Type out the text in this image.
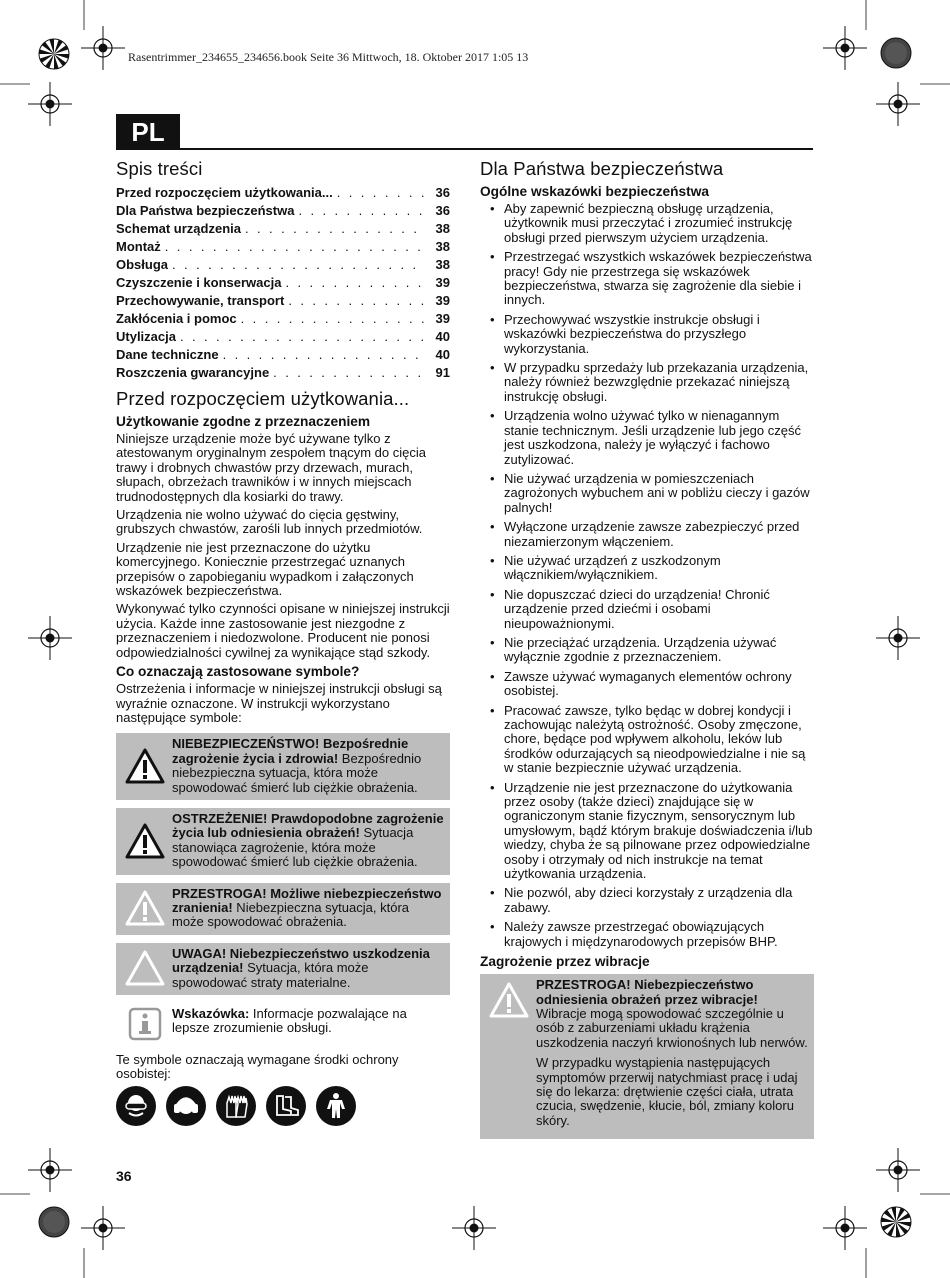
Rasentrimmer_234655_234656.book Seite 36 Mittwoch, 18. Oktober 2017 1:05 13
PL
Spis treści
Przed rozpoczęciem użytkowania... . . .	36
Dla Państwa bezpieczeństwa . . .	36
Schemat urządzenia . . .	38
Montaż . . .	38
Obsługa . . .	38
Czyszczenie i konserwacja . . .	39
Przechowywanie, transport . . .	39
Zakłócenia i pomoc . . .	39
Utylizacja . . .	40
Dane techniczne . . .	40
Roszczenia gwarancyjne . . .	91
Przed rozpoczęciem użytkowania...
Użytkowanie zgodne z przeznaczeniem

Niniejsze urządzenie może być używane tylko z atestowanym oryginalnym zespołem tnącym do cięcia trawy i drobnych chwastów przy drzewach, murach, słupach, obrzeżach trawników i w innych miejscach trudnodostępnych dla kosiarki do trawy.

Urządzenia nie wolno używać do cięcia gęstwiny, grubszych chwastów, zarośli lub innych przedmiotów.

Urządzenie nie jest przeznaczone do użytku komercyjnego. Koniecznie przestrzegać uznanych przepisów o zapobieganiu wypadkom i załączonych wskazówek bezpieczeństwa.

Wykonywać tylko czynności opisane w niniejszej instrukcji użycia. Każde inne zastosowanie jest niezgodne z przeznaczeniem i niedozwolone. Producent nie ponosi odpowiedzialności cywilnej za wynikające stąd szkody.

Co oznaczają zastosowane symbole?

Ostrzeżenia i informacje w niniejszej instrukcji obsługi są wyraźnie oznaczone. W instrukcji wykorzystano następujące symbole:

NIEBEZPIECZEŃSTWO! Bezpośrednie zagrożenie życia i zdrowia! Bezpośrednio niebezpieczna sytuacja, która może spowodować śmierć lub ciężkie obrażenia.
OSTRZEŻENIE! Prawdopodobne zagrożenie życia lub odniesienia obrażeń! Sytuacja stanowiąca zagrożenie, która może spowodować śmierć lub ciężkie obrażenia.
PRZESTROGA! Możliwe niebezpieczeństwo zranienia! Niebezpieczna sytuacja, która może spowodować obrażenia.
UWAGA! Niebezpieczeństwo uszkodzenia urządzenia! Sytuacja, która może spowodować straty materialne.
Wskazówka: Informacje pozwalające na lepsze zrozumienie obsługi.

Te symbole oznaczają wymagane środki ochrony osobistej:

Dla Państwa bezpieczeństwa
Ogólne wskazówki bezpieczeństwa
• Aby zapewnić bezpieczną obsługę urządzenia, użytkownik musi przeczytać i zrozumieć instrukcję obsługi przed pierwszym użyciem urządzenia.
• Przestrzegać wszystkich wskazówek bezpieczeństwa pracy! Gdy nie przestrzega się wskazówek bezpieczeństwa, stwarza się zagrożenie dla siebie i innych.
• Przechowywać wszystkie instrukcje obsługi i wskazówki bezpieczeństwa do przyszłego wykorzystania.
• W przypadku sprzedaży lub przekazania urządzenia, należy również bezwzględnie przekazać niniejszą instrukcję obsługi.
• Urządzenia wolno używać tylko w nienagannym stanie technicznym. Jeśli urządzenie lub jego część jest uszkodzona, należy je wyłączyć i fachowo zutylizować.
• Nie używać urządzenia w pomieszczeniach zagrożonych wybuchem ani w pobliżu cieczy i gazów palnych!
• Wyłączone urządzenie zawsze zabezpieczyć przed niezamierzonym włączeniem.
• Nie używać urządzeń z uszkodzonym włącznikiem/wyłącznikiem.
• Nie dopuszczać dzieci do urządzenia! Chronić urządzenie przed dziećmi i osobami nieupoważnionymi.
• Nie przeciążać urządzenia. Urządzenia używać wyłącznie zgodnie z przeznaczeniem.
• Zawsze używać wymaganych elementów ochrony osobistej.
• Pracować zawsze, tylko będąc w dobrej kondycji i zachowując należytą ostrożność. Osoby zmęczone, chore, będące pod wpływem alkoholu, leków lub środków odurzających są nieodpowiedzialne i nie są w stanie bezpiecznie używać urządzenia.
• Urządzenie nie jest przeznaczone do użytkowania przez osoby (także dzieci) znajdujące się w ograniczonym stanie fizycznym, sensorycznym lub umysłowym, bądź którym brakuje doświadczenia i/lub wiedzy, chyba że są pilnowane przez odpowiedzialne osoby i otrzymały od nich instrukcje na temat użytkowania urządzenia.
• Nie pozwól, aby dzieci korzystały z urządzenia dla zabawy.
• Należy zawsze przestrzegać obowiązujących krajowych i międzynarodowych przepisów BHP.
Zagrożenie przez wibracje

PRZESTROGA! Niebezpieczeństwo odniesienia obrażeń przez wibracje! Wibracje mogą spowodować szczególnie u osób z zaburzeniami układu krążenia uszkodzenia naczyń krwionośnych lub nerwów.

W przypadku wystąpienia następujących symptomów przerwij natychmiast pracę i udaj się do lekarza: drętwienie części ciała, utrata czucia, swędzenie, kłucie, ból, zmiany koloru skóry.

36
